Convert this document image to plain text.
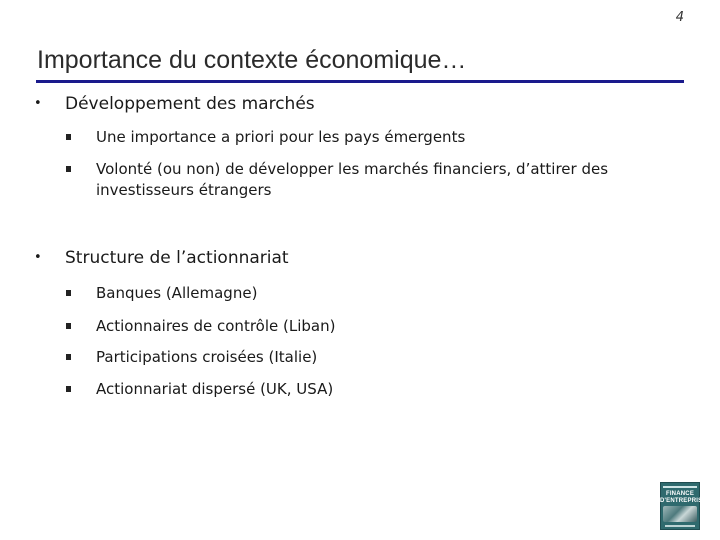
4
Importance du contexte économique…
• Développement des marchés
Une importance a priori pour les pays émergents
Volonté (ou non) de développer les marchés financiers, d’attirer des investisseurs étrangers
• Structure de l’actionnariat
Banques (Allemagne)
Actionnaires de contrôle (Liban)
Participations croisées (Italie)
Actionnariat dispersé (UK, USA)
FINANCE
D'ENTREPRISE
